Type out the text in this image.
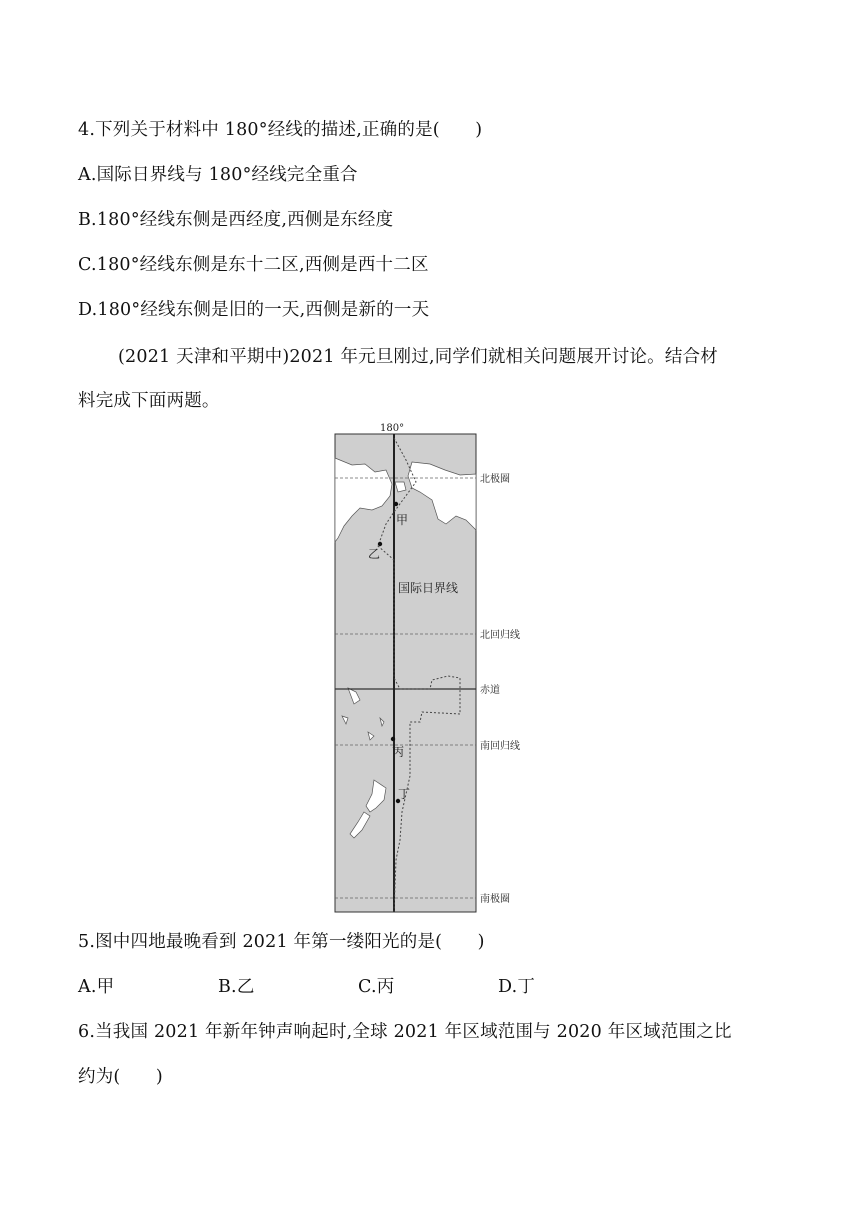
4.下列关于材料中 180°经线的描述,正确的是(　　)
A.国际日界线与 180°经线完全重合
B.180°经线东侧是西经度,西侧是东经度
C.180°经线东侧是东十二区,西侧是西十二区
D.180°经线东侧是旧的一天,西侧是新的一天
(2021 天津和平期中)2021 年元旦刚过,同学们就相关问题展开讨论。结合材
料完成下面两题。
180°
甲
乙
丙
丁
国际日界线
北极圈
北回归线
赤道
南回归线
南极圈
5.图中四地最晚看到 2021 年第一缕阳光的是(　　)
A.甲	B.乙	C.丙	D.丁
6.当我国 2021 年新年钟声响起时,全球 2021 年区域范围与 2020 年区域范围之比
约为(　　)
